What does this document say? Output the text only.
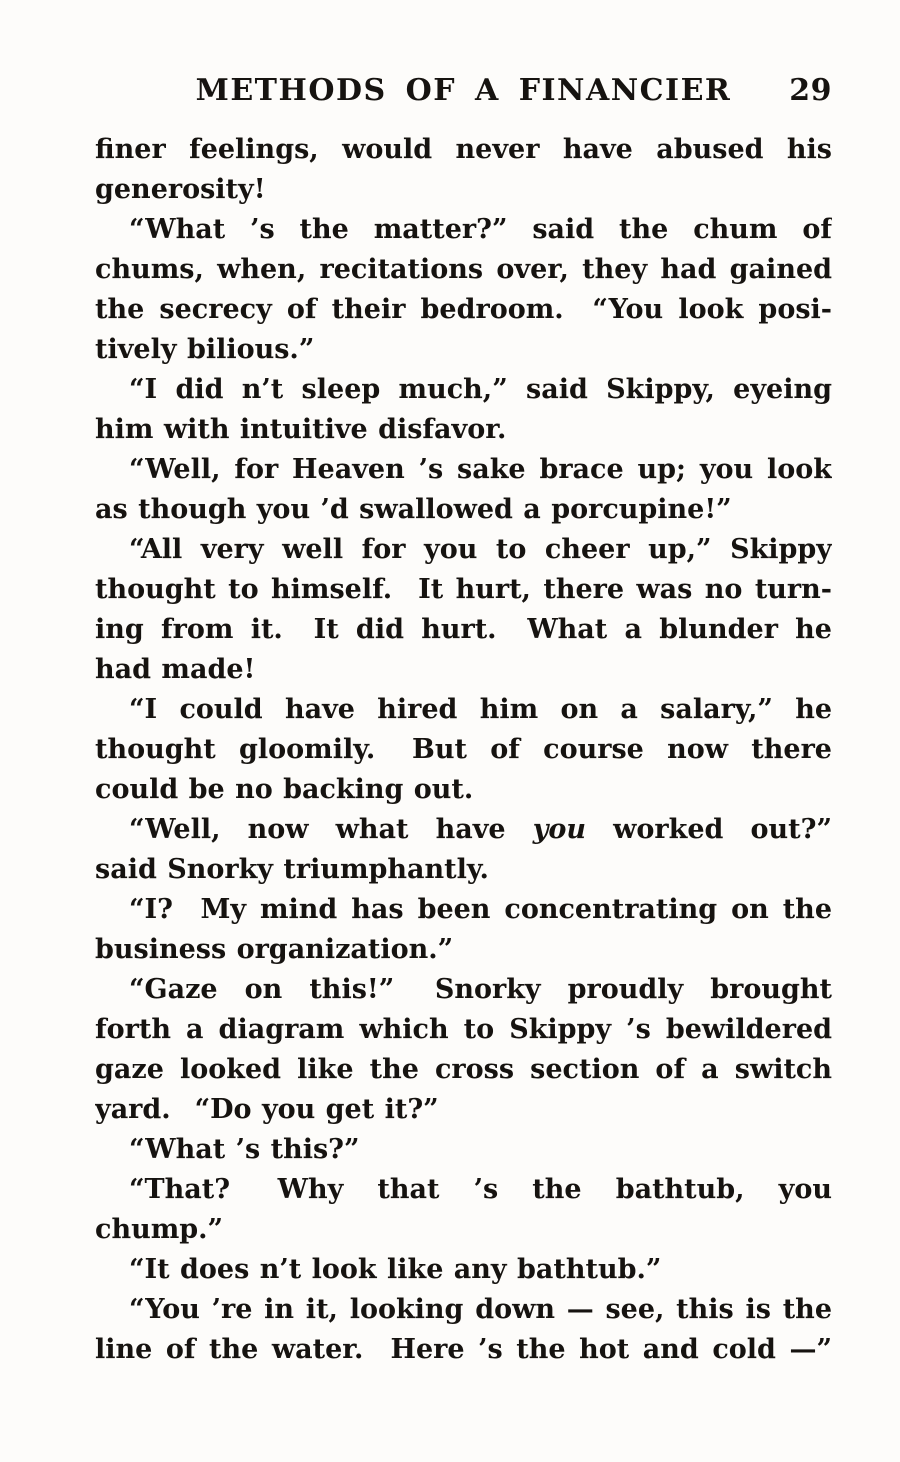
METHODS OF A FINANCIER	29
finer feelings, would never have abused his
generosity!
“What ’s the matter?” said the chum of
chums, when, recitations over, they had gained
the secrecy of their bedroom.  “You look posi-
tively bilious.”
“I did n’t sleep much,” said Skippy, eyeing
him with intuitive disfavor.
“Well, for Heaven ’s sake brace up; you look
as though you ’d swallowed a porcupine!”
“All very well for you to cheer up,” Skippy
thought to himself.  It hurt, there was no turn-
ing from it.  It did hurt.  What a blunder he
had made!
“I could have hired him on a salary,” he
thought gloomily.  But of course now there
could be no backing out.
“Well, now what have you worked out?”
said Snorky triumphantly.
“I?  My mind has been concentrating on the
business organization.”
“Gaze on this!”  Snorky proudly brought
forth a diagram which to Skippy ’s bewildered
gaze looked like the cross section of a switch
yard.  “Do you get it?”
“What ’s this?”
“That?  Why that ’s the bathtub, you
chump.”
“It does n’t look like any bathtub.”
“You ’re in it, looking down — see, this is the
line of the water.  Here ’s the hot and cold —”
